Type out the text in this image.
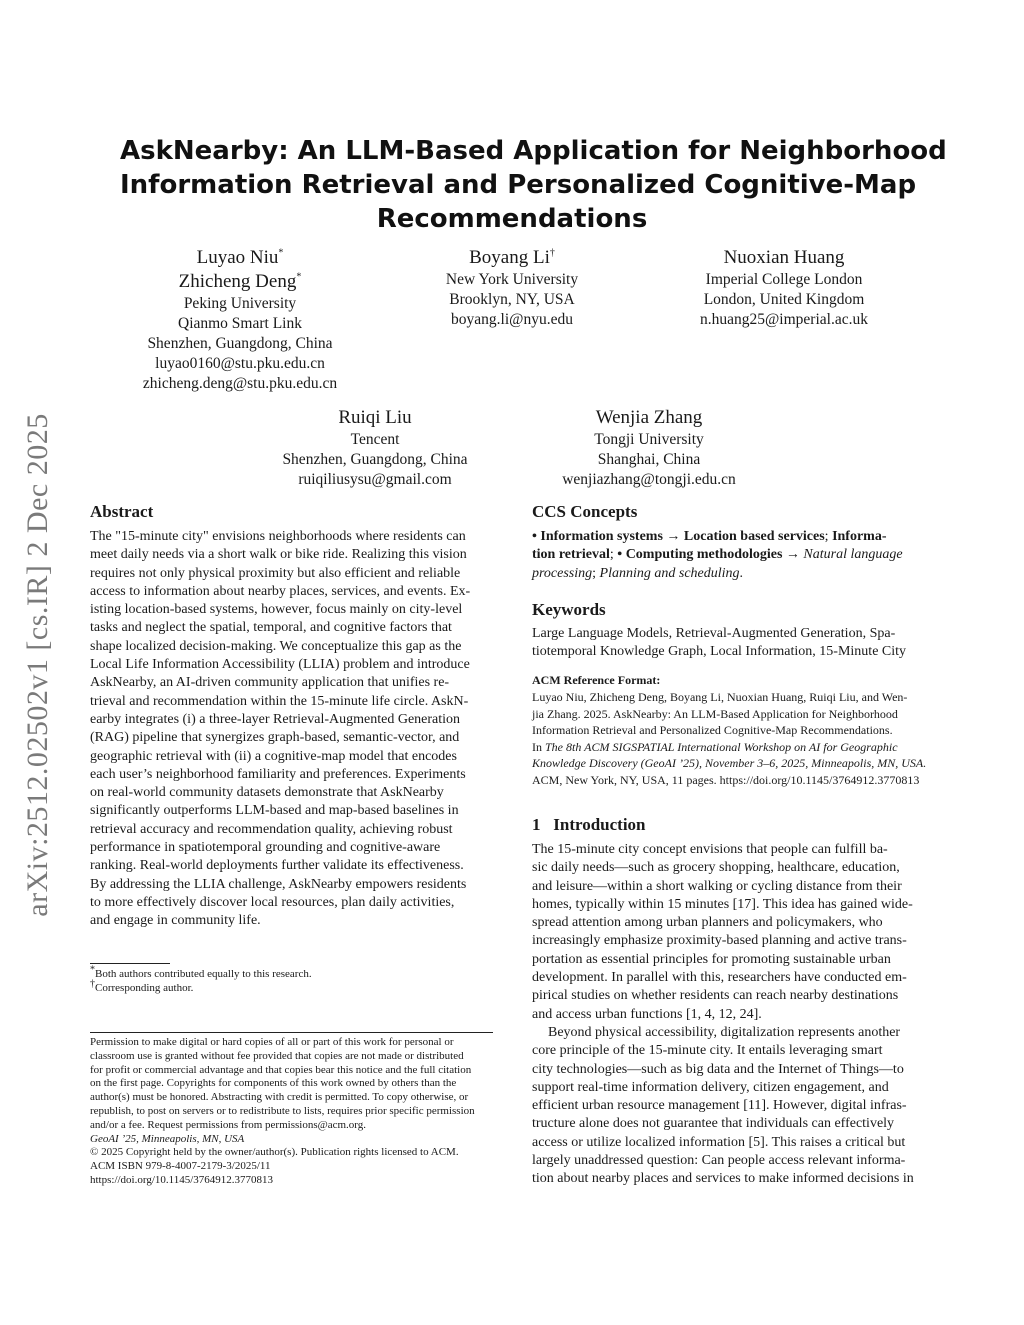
arXiv:2512.02502v1 [cs.IR] 2 Dec 2025
AskNearby: An LLM-Based Application for Neighborhood
Information Retrieval and Personalized Cognitive-Map
Recommendations
Luyao Niu*
Zhicheng Deng*
Peking University
Qianmo Smart Link
Shenzhen, Guangdong, China
luyao0160@stu.pku.edu.cn
zhicheng.deng@stu.pku.edu.cn
Boyang Li†
New York University
Brooklyn, NY, USA
boyang.li@nyu.edu
Nuoxian Huang
Imperial College London
London, United Kingdom
n.huang25@imperial.ac.uk
Ruiqi Liu
Tencent
Shenzhen, Guangdong, China
ruiqiliusysu@gmail.com
Wenjia Zhang
Tongji University
Shanghai, China
wenjiazhang@tongji.edu.cn
Abstract
The "15-minute city" envisions neighborhoods where residents can
meet daily needs via a short walk or bike ride. Realizing this vision
requires not only physical proximity but also efficient and reliable
access to information about nearby places, services, and events. Ex-
isting location-based systems, however, focus mainly on city-level
tasks and neglect the spatial, temporal, and cognitive factors that
shape localized decision-making. We conceptualize this gap as the
Local Life Information Accessibility (LLIA) problem and introduce
AskNearby, an AI-driven community application that unifies re-
trieval and recommendation within the 15-minute life circle. AskN-
earby integrates (i) a three-layer Retrieval-Augmented Generation
(RAG) pipeline that synergizes graph-based, semantic-vector, and
geographic retrieval with (ii) a cognitive-map model that encodes
each user’s neighborhood familiarity and preferences. Experiments
on real-world community datasets demonstrate that AskNearby
significantly outperforms LLM-based and map-based baselines in
retrieval accuracy and recommendation quality, achieving robust
performance in spatiotemporal grounding and cognitive-aware
ranking. Real-world deployments further validate its effectiveness.
By addressing the LLIA challenge, AskNearby empowers residents
to more effectively discover local resources, plan daily activities,
and engage in community life.
*Both authors contributed equally to this research.
†Corresponding author.
Permission to make digital or hard copies of all or part of this work for personal or
classroom use is granted without fee provided that copies are not made or distributed
for profit or commercial advantage and that copies bear this notice and the full citation
on the first page. Copyrights for components of this work owned by others than the
author(s) must be honored. Abstracting with credit is permitted. To copy otherwise, or
republish, to post on servers or to redistribute to lists, requires prior specific permission
and/or a fee. Request permissions from permissions@acm.org.
GeoAI ’25, Minneapolis, MN, USA
© 2025 Copyright held by the owner/author(s). Publication rights licensed to ACM.
ACM ISBN 979-8-4007-2179-3/2025/11
https://doi.org/10.1145/3764912.3770813
CCS Concepts
• Information systems → Location based services; Informa-
tion retrieval; • Computing methodologies → Natural language
processing; Planning and scheduling.
Keywords
Large Language Models, Retrieval-Augmented Generation, Spa-
tiotemporal Knowledge Graph, Local Information, 15-Minute City
ACM Reference Format:
Luyao Niu, Zhicheng Deng, Boyang Li, Nuoxian Huang, Ruiqi Liu, and Wen-
jia Zhang. 2025. AskNearby: An LLM-Based Application for Neighborhood
Information Retrieval and Personalized Cognitive-Map Recommendations.
In The 8th ACM SIGSPATIAL International Workshop on AI for Geographic
Knowledge Discovery (GeoAI ’25), November 3–6, 2025, Minneapolis, MN, USA.
ACM, New York, NY, USA, 11 pages. https://doi.org/10.1145/3764912.3770813
1 Introduction
The 15-minute city concept envisions that people can fulfill ba-
sic daily needs—such as grocery shopping, healthcare, education,
and leisure—within a short walking or cycling distance from their
homes, typically within 15 minutes [17]. This idea has gained wide-
spread attention among urban planners and policymakers, who
increasingly emphasize proximity-based planning and active trans-
portation as essential principles for promoting sustainable urban
development. In parallel with this, researchers have conducted em-
pirical studies on whether residents can reach nearby destinations
and access urban functions [1, 4, 12, 24].
Beyond physical accessibility, digitalization represents another
core principle of the 15-minute city. It entails leveraging smart
city technologies—such as big data and the Internet of Things—to
support real-time information delivery, citizen engagement, and
efficient urban resource management [11]. However, digital infras-
tructure alone does not guarantee that individuals can effectively
access or utilize localized information [5]. This raises a critical but
largely unaddressed question: Can people access relevant informa-
tion about nearby places and services to make informed decisions in
